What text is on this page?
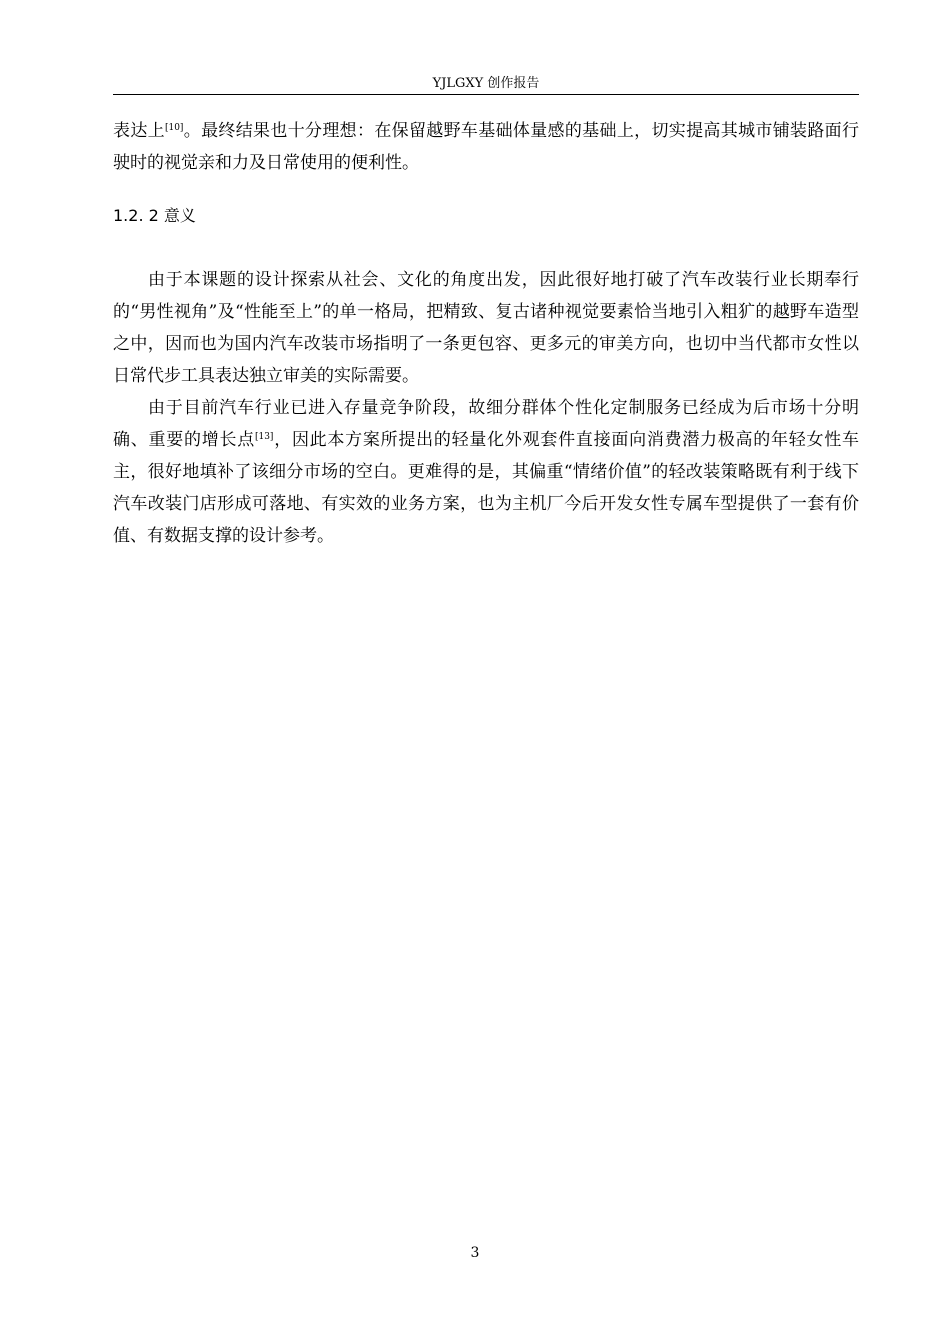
YJLGXY 创作报告

表达上[10]。最终结果也十分理想：在保留越野车基础体量感的基础上，切实提高其城市铺装路面行驶时的视觉亲和力及日常使用的便利性。

1.2. 2 意义

由于本课题的设计探索从社会、文化的角度出发，因此很好地打破了汽车改装行业长期奉行的“男性视角”及“性能至上”的单一格局，把精致、复古诸种视觉要素恰当地引入粗犷的越野车造型之中，因而也为国内汽车改装市场指明了一条更包容、更多元的审美方向，也切中当代都市女性以日常代步工具表达独立审美的实际需要。

由于目前汽车行业已进入存量竞争阶段，故细分群体个性化定制服务已经成为后市场十分明确、重要的增长点[13]，因此本方案所提出的轻量化外观套件直接面向消费潜力极高的年轻女性车主，很好地填补了该细分市场的空白。更难得的是，其偏重“情绪价值”的轻改装策略既有利于线下汽车改装门店形成可落地、有实效的业务方案，也为主机厂今后开发女性专属车型提供了一套有价值、有数据支撑的设计参考。

3
